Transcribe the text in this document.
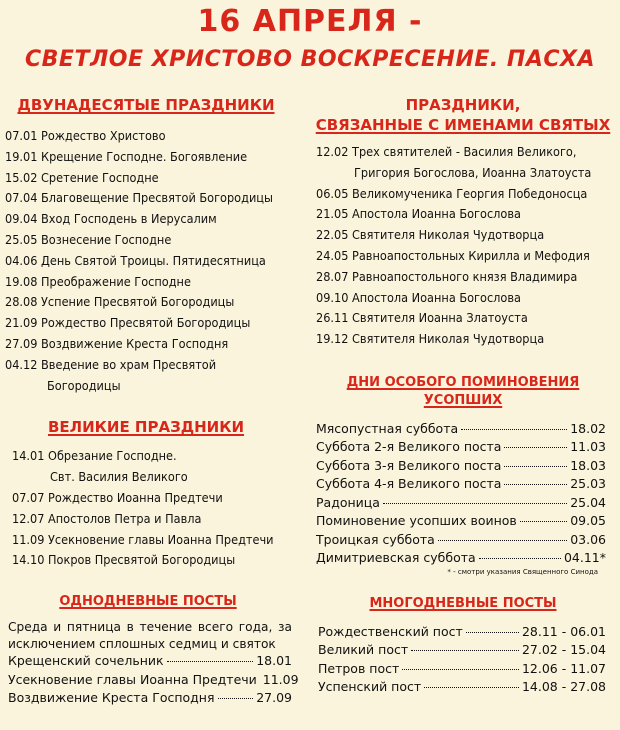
16 АПРЕЛЯ -
СВЕТЛОЕ ХРИСТОВО ВОСКРЕСЕНИЕ. ПАСХА
ДВУНАДЕСЯТЫЕ ПРАЗДНИКИ
07.01 Рождество Христово
19.01 Крещение Господне. Богоявление
15.02 Сретение Господне
07.04 Благовещение Пресвятой Богородицы
09.04 Вход Господень в Иерусалим
25.05 Вознесение Господне
04.06 День Святой Троицы. Пятидесятница
19.08 Преображение Господне
28.08 Успение Пресвятой Богородицы
21.09 Рождество Пресвятой Богородицы
27.09 Воздвижение Креста Господня
04.12 Введение во храм Пресвятой
Богородицы
ВЕЛИКИЕ ПРАЗДНИКИ
14.01 Обрезание Господне.
Свт. Василия Великого
07.07 Рождество Иоанна Предтечи
12.07 Апостолов Петра и Павла
11.09 Усекновение главы Иоанна Предтечи
14.10 Покров Пресвятой Богородицы
ОДНОДНЕВНЫЕ ПОСТЫ
Среда и пятница в течение всего года, за исключением сплошных седмиц и святок
Крещенский сочельник	18.01
Усекновение главы Иоанна Предтечи 11.09
Воздвижение Креста Господня	27.09
ПРАЗДНИКИ,
СВЯЗАННЫЕ С ИМЕНАМИ СВЯТЫХ
12.02 Трех святителей - Василия Великого,
Григория Богослова, Иоанна Златоуста
06.05 Великомученика Георгия Победоносца
21.05 Апостола Иоанна Богослова
22.05 Святителя Николая Чудотворца
24.05 Равноапостольных Кирилла и Мефодия
28.07 Равноапостольного князя Владимира
09.10 Апостола Иоанна Богослова
26.11 Святителя Иоанна Златоуста
19.12 Святителя Николая Чудотворца
ДНИ ОСОБОГО ПОМИНОВЕНИЯ УСОПШИХ
Мясопустная суббота	18.02
Суббота 2-я Великого поста	11.03
Суббота 3-я Великого поста	18.03
Суббота 4-я Великого поста	25.03
Радоница	25.04
Поминовение усопших воинов	09.05
Троицкая суббота	03.06
Димитриевская суббота	04.11*
* - смотри указания Священного Синода
МНОГОДНЕВНЫЕ ПОСТЫ
Рождественский пост	28.11 - 06.01
Великий пост	27.02 - 15.04
Петров пост	12.06 - 11.07
Успенский пост	14.08 - 27.08
